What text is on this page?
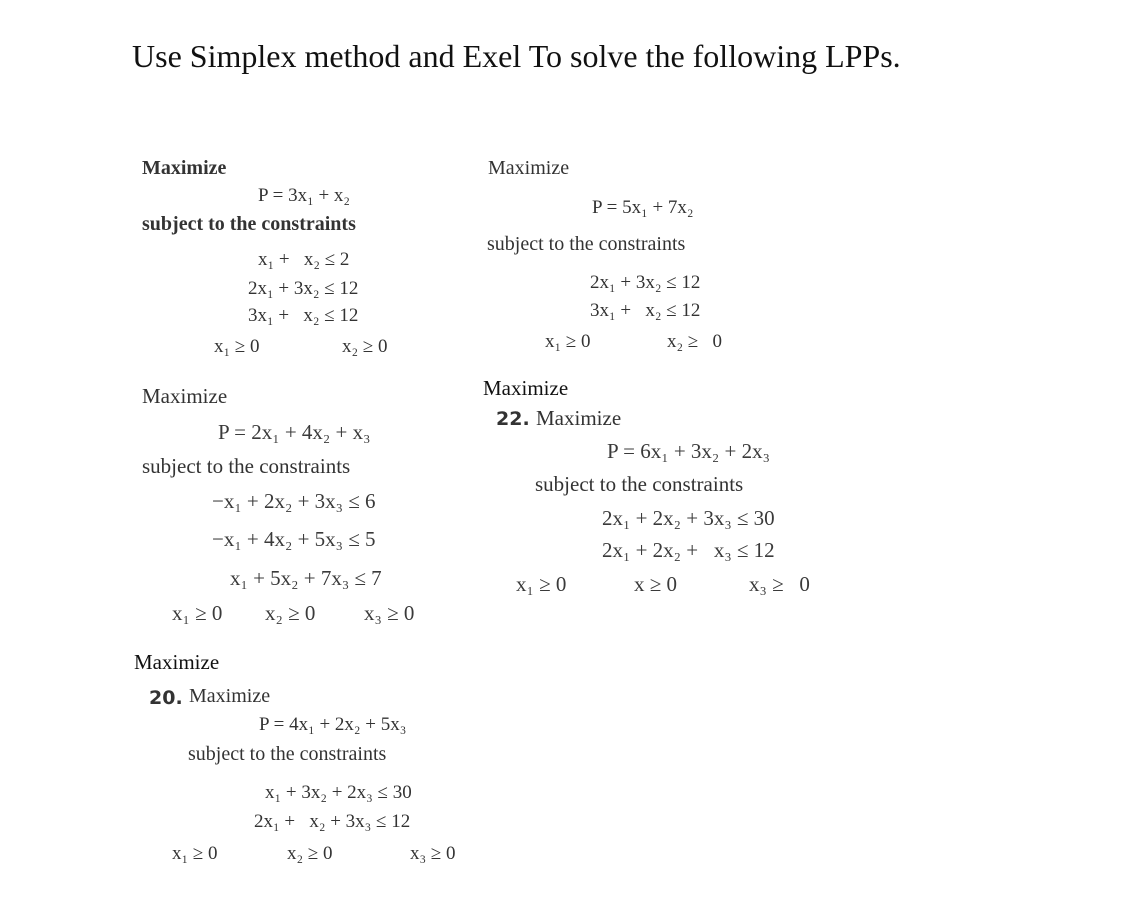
Use Simplex method and Exel To solve the following LPPs.
Maximize
P = 3x₁ + x₂
subject to the constraints
x₁ +   x₂ ≤ 2
2x₁ + 3x₂ ≤ 12
3x₁ +   x₂ ≤ 12
x₁ ≥ 0	x₂ ≥ 0
Maximize
P = 5x₁ + 7x₂
subject to the constraints
2x₁ + 3x₂ ≤ 12
3x₁ +   x₂ ≤ 12
x₁ ≥ 0	x₂ ≥   0
Maximize
P = 2x₁ + 4x₂ + x₃
subject to the constraints
−x₁ + 2x₂ + 3x₃ ≤ 6
−x₁ + 4x₂ + 5x₃ ≤ 5
x₁ + 5x₂ + 7x₃ ≤ 7
x₁ ≥ 0 x₂ ≥ 0 x₃ ≥ 0
Maximize
22. Maximize
P = 6x₁ + 3x₂ + 2x₃
subject to the constraints
2x₁ + 2x₂ + 3x₃ ≤ 30
2x₁ + 2x₂ +   x₃ ≤ 12
x₁ ≥ 0	x ≥ 0	x₃ ≥   0
Maximize
20. Maximize
P = 4x₁ + 2x₂ + 5x₃
subject to the constraints
x₁ + 3x₂ + 2x₃ ≤ 30
2x₁ +   x₂ + 3x₃ ≤ 12
x₁ ≥ 0	x₂ ≥ 0	x₃ ≥ 0
